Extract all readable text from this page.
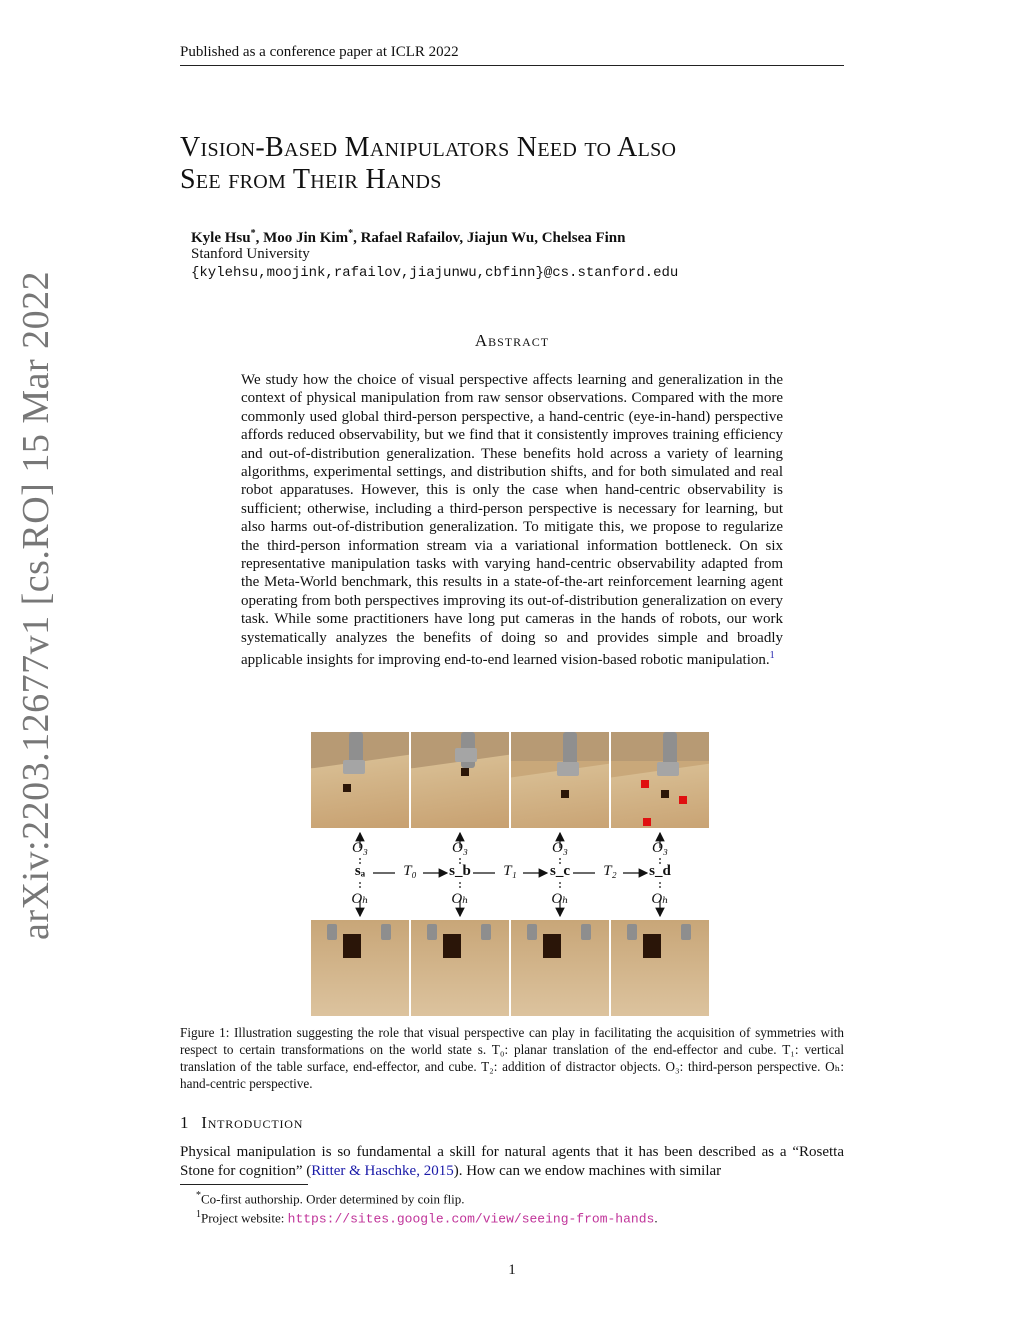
Published as a conference paper at ICLR 2022
Vision-Based Manipulators Need to Also
See from Their Hands
Kyle Hsu*, Moo Jin Kim*, Rafael Rafailov, Jiajun Wu, Chelsea Finn
Stanford University
{kylehsu,moojink,rafailov,jiajunwu,cbfinn}@cs.stanford.edu
Abstract
We study how the choice of visual perspective affects learning and generalization in the context of physical manipulation from raw sensor observations. Compared with the more commonly used global third-person perspective, a hand-centric (eye-in-hand) perspective affords reduced observability, but we find that it consistently improves training efficiency and out-of-distribution generalization. These benefits hold across a variety of learning algorithms, experimental settings, and distribution shifts, and for both simulated and real robot apparatuses. However, this is only the case when hand-centric observability is sufficient; otherwise, including a third-person perspective is necessary for learning, but also harms out-of-distribution generalization. To mitigate this, we propose to regularize the third-person information stream via a variational information bottleneck. On six representative manipulation tasks with varying hand-centric observability adapted from the Meta-World benchmark, this results in a state-of-the-art reinforcement learning agent operating from both perspectives improving its out-of-distribution generalization on every task. While some practitioners have long put cameras in the hands of robots, our work systematically analyzes the benefits of doing so and provides simple and broadly applicable insights for improving end-to-end learned vision-based robotic manipulation.$^1$
arXiv:2203.12677v1 [cs.RO] 15 Mar 2022	O₃	O₃	O₃	O₃
sₐ	s_b	s_c	s_d
T₀	T₁	T₂
Oₕ	Oₕ	Oₕ	Oₕ
Figure 1: Illustration suggesting the role that visual perspective can play in facilitating the acquisition of symmetries with respect to certain transformations on the world state s. T₀: planar translation of the end-effector and cube. T₁: vertical translation of the table surface, end-effector, and cube. T₂: addition of distractor objects. O₃: third-person perspective. Oₕ: hand-centric perspective.
1 Introduction
Physical manipulation is so fundamental a skill for natural agents that it has been described as a “Rosetta Stone for cognition” (Ritter & Haschke, 2015). How can we endow machines with similar
*Co-first authorship. Order determined by coin flip.
$^1$Project website: https://sites.google.com/view/seeing-from-hands.
1
